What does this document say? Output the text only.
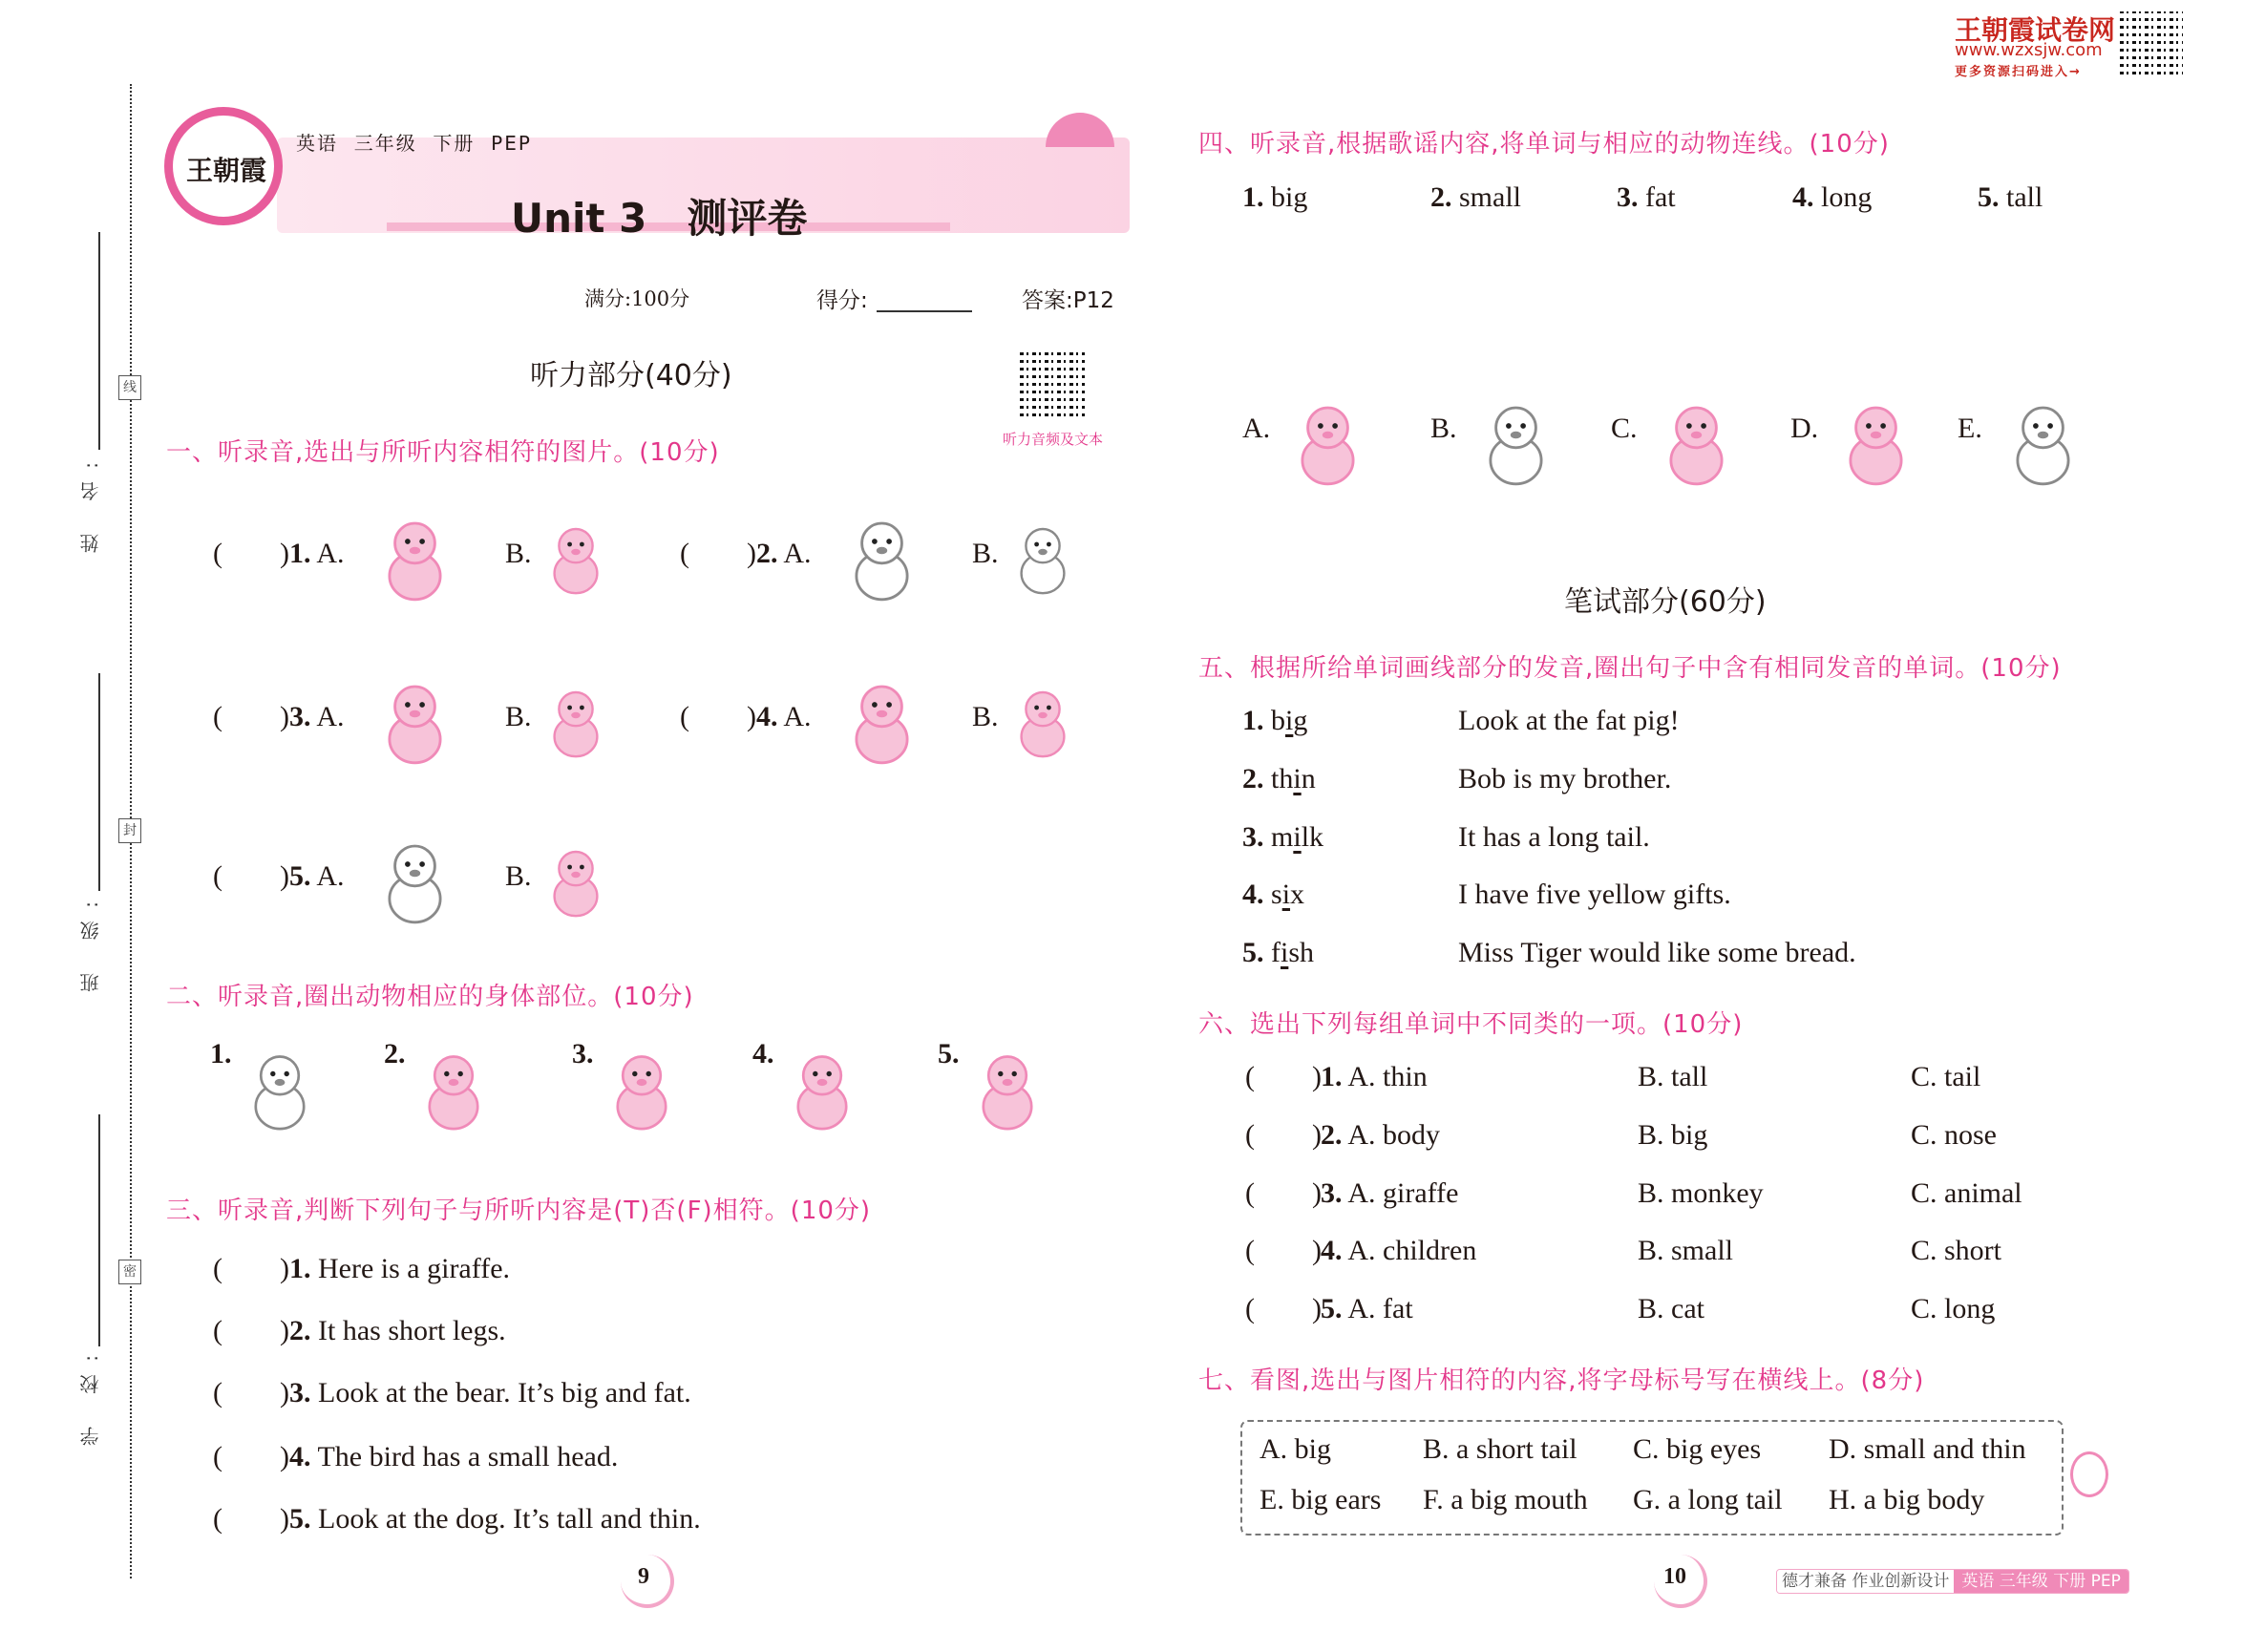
王朝霞试卷网
www.wzxsjw.com
更多资源扫码进入→
姓 名:
班 级:
学 校:
线
封
密
王朝霞
英语  三年级  下册  PEP
Unit 3 测评卷
满分:100分	得分:	答案:P12
听力部分(40分)
听力音频及文本
一、听录音,选出与所听内容相符的图片。(10分)
( ) 1. A.	B.	( ) 2. A.	B.
( ) 3. A.	B.	( ) 4. A.	B.
( ) 5. A.	B.
二、听录音,圈出动物相应的身体部位。(10分)
1.	2.	3.	4.	5.
三、听录音,判断下列句子与所听内容是(T)否(F)相符。(10分)
( ) 1. Here is a giraffe.
( ) 2. It has short legs.
( ) 3. Look at the bear. It’s big and fat.
( ) 4. The bird has a small head.
( ) 5. Look at the dog. It’s tall and thin.
9
四、听录音,根据歌谣内容,将单词与相应的动物连线。(10分)
1. big	2. small	3. fat	4. long	5. tall
A.	B.	C.	D.	E.
笔试部分(60分)
五、根据所给单词画线部分的发音,圈出句子中含有相同发音的单词。(10分)
1. big	Look at the fat pig!
2. thin	Bob is my brother.
3. milk	It has a long tail.
4. six	I have five yellow gifts.
5. fish	Miss Tiger would like some bread.
六、选出下列每组单词中不同类的一项。(10分)
( ) 1. A. thin	B. tall	C. tail
( ) 2. A. body	B. big	C. nose
( ) 3. A. giraffe	B. monkey	C. animal
( ) 4. A. children	B. small	C. short
( ) 5. A. fat	B. cat	C. long
七、看图,选出与图片相符的内容,将字母标号写在横线上。(8分)
A. big	B. a short tail C. big eyes D. small and thin
E. big ears F. a big mouth G. a long tail H. a big body
10	德才兼备 作业创新设计 英语 三年级 下册 PEP
